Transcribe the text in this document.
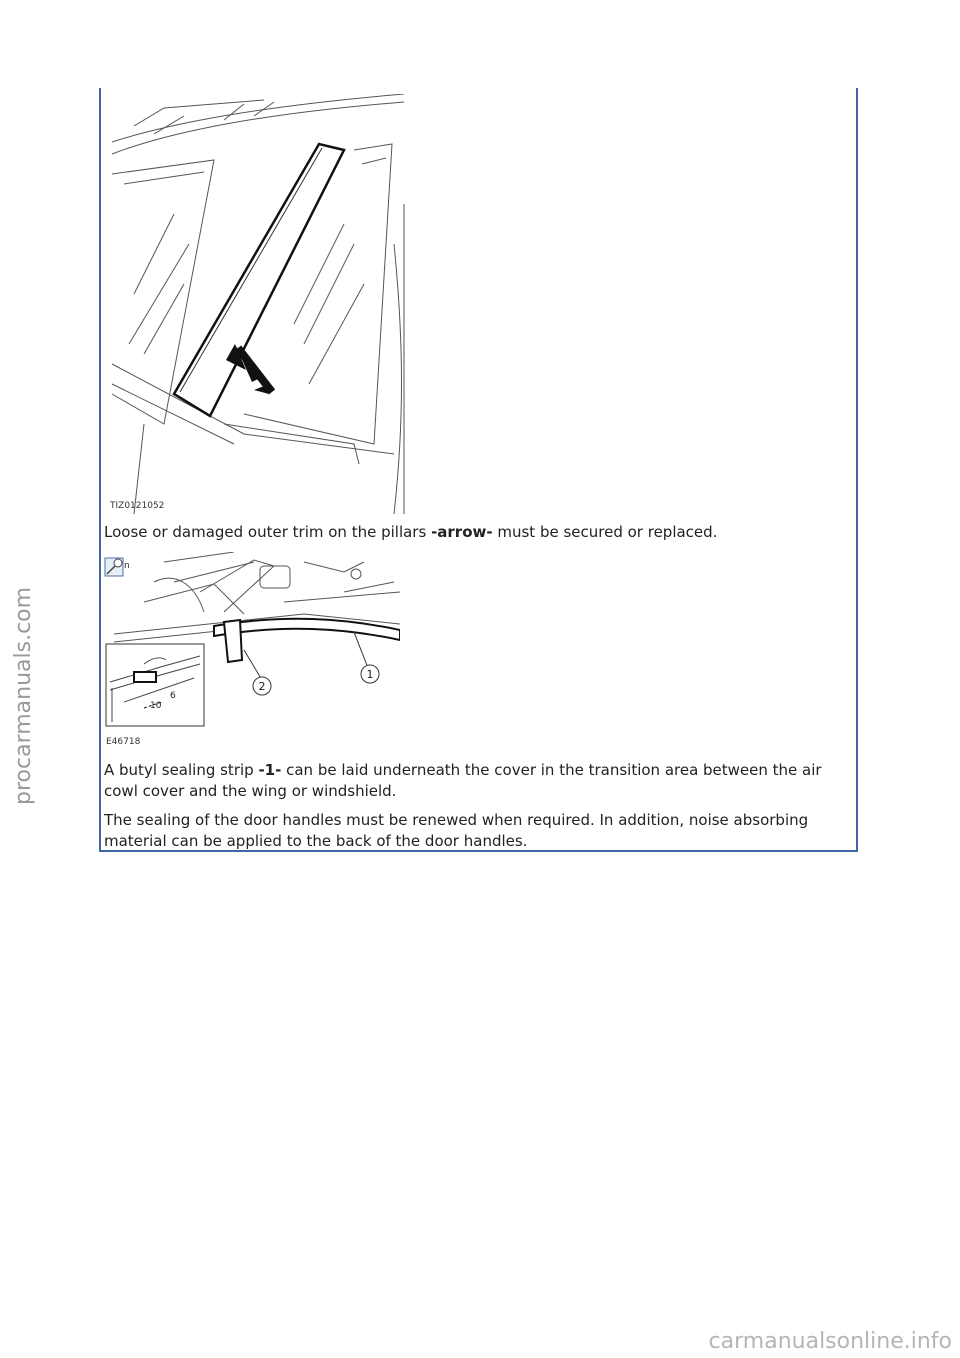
TIZ0121052

Loose or damaged outer trim on the pillars -arrow- must be secured or replaced.

n
2
1
10
6
E46718

A butyl sealing strip -1- can be laid underneath the cover in the transition area between the air cowl cover and the wing or windshield.

The sealing of the door handles must be renewed when required. In addition, noise absorbing material can be applied to the back of the door handles.

procarmanuals.com

carmanualsonline.info
